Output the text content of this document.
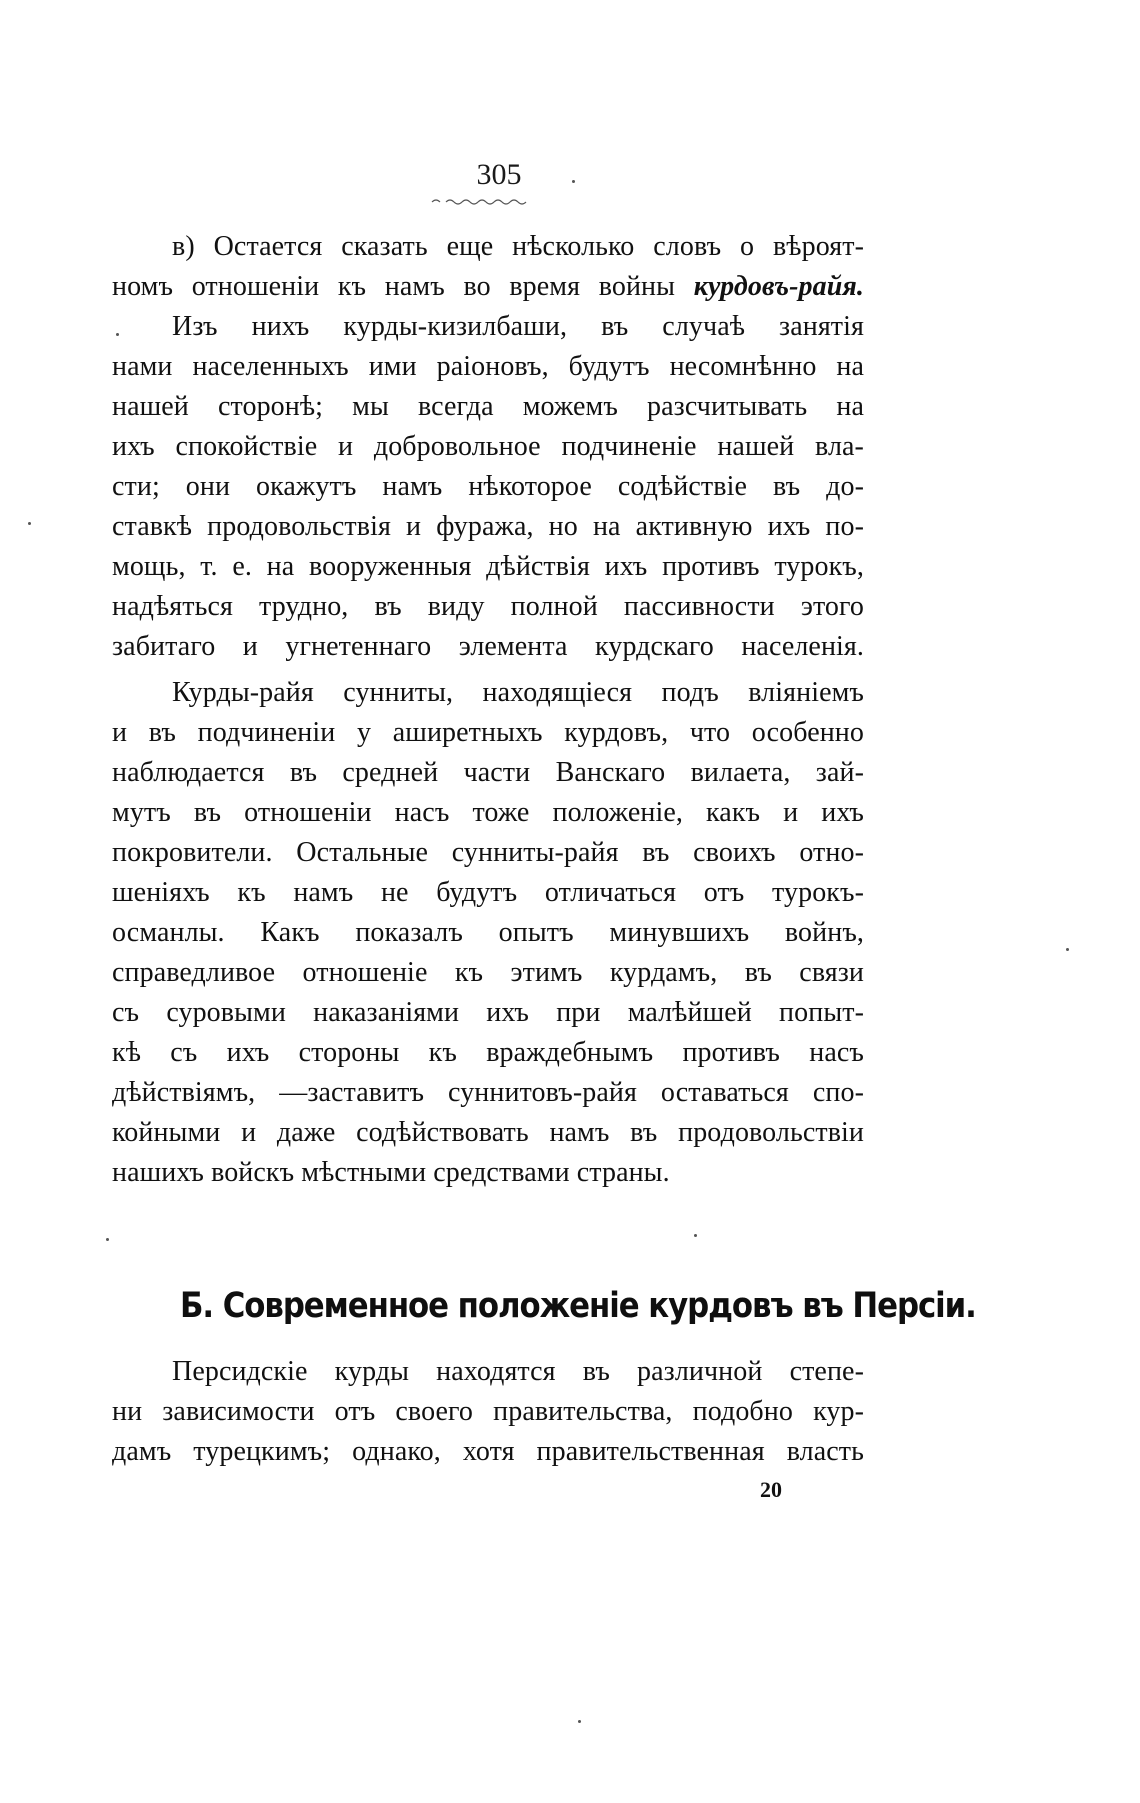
305
в) Остается сказать еще нѣсколько словъ о вѣроят-
номъ отношеніи къ намъ во время войны курдовъ-райя.
Изъ нихъ курды-кизилбаши, въ случаѣ занятія
нами населенныхъ ими раіоновъ, будутъ несомнѣнно на
нашей сторонѣ; мы всегда можемъ разсчитывать на
ихъ спокойствіе и добровольное подчиненіе нашей вла-
сти; они окажутъ намъ нѣкоторое содѣйствіе въ до-
ставкѣ продовольствія и фуража, но на активную ихъ по-
мощь, т. е. на вооруженныя дѣйствія ихъ противъ турокъ,
надѣяться трудно, въ виду полной пассивности этого
забитаго и угнетеннаго элемента курдскаго населенія.
Курды-райя сунниты, находящіеся подъ вліяніемъ
и въ подчиненіи у ашиpетныхъ курдовъ, что особенно
наблюдается въ средней части Ванскаго вилаета, зай-
мутъ въ отношеніи насъ тоже положеніе, какъ и ихъ
покровители. Остальные сунниты-райя въ своихъ отно-
шеніяхъ къ намъ не будутъ отличаться отъ турокъ-
османлы. Какъ показалъ опытъ минувшихъ войнъ,
справедливое отношеніе къ этимъ курдамъ, въ связи
съ суровыми наказаніями ихъ при малѣйшей попыт-
кѣ съ ихъ стороны къ враждебнымъ противъ насъ
дѣйствіямъ, —заставитъ суннитовъ-райя оставаться спо-
койными и даже содѣйствовать намъ въ продовольствіи
нашихъ войскъ мѣстными средствами страны.
Б. Современное положеніе курдовъ въ Персіи.
Персидскіе курды находятся въ различной степе-
ни зависимости отъ своего правительства, подобно кур-
дамъ турецкимъ; однако, хотя правительственная власть
20
